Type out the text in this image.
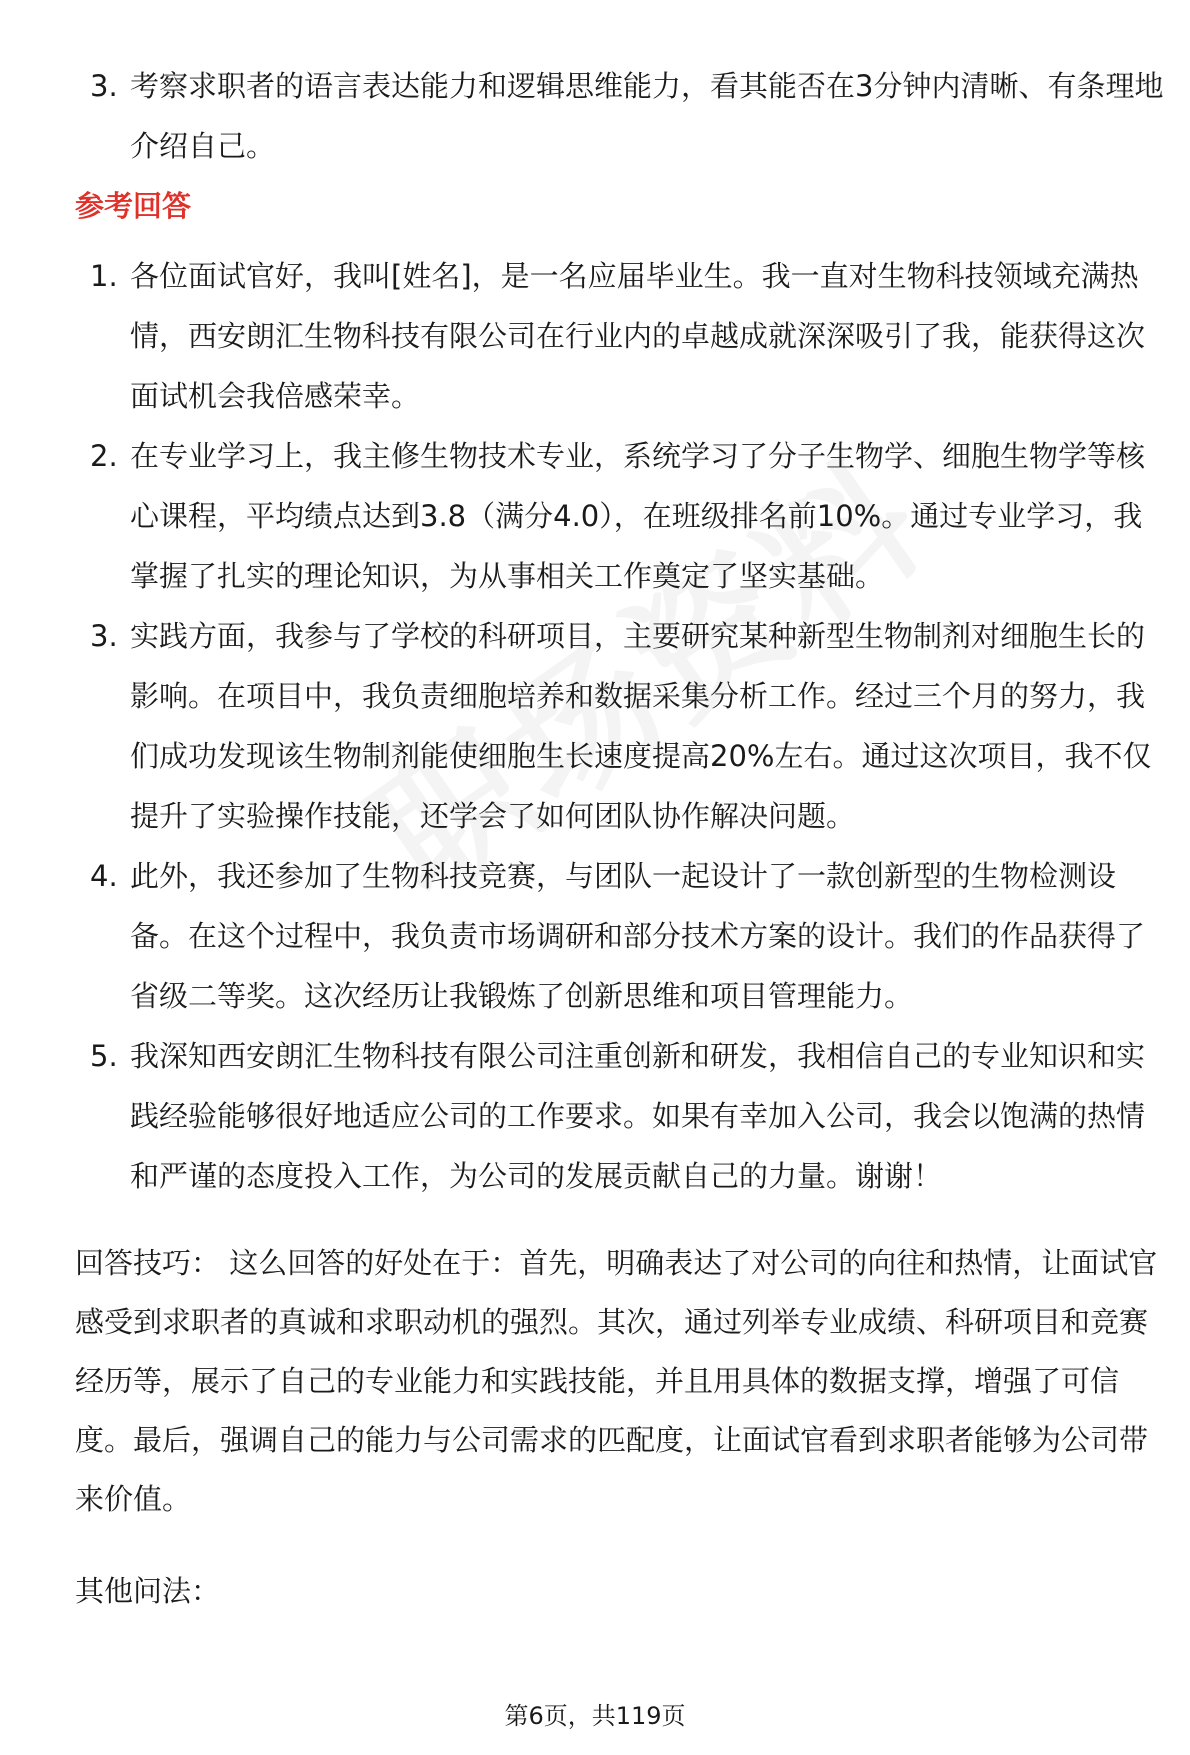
3. 考察求职者的语言表达能力和逻辑思维能力，看其能否在3分钟内清晰、有条理地介绍自己。
参考回答
1. 各位面试官好，我叫[姓名]，是一名应届毕业生。我一直对生物科技领域充满热情，西安朗汇生物科技有限公司在行业内的卓越成就深深吸引了我，能获得这次面试机会我倍感荣幸。
2. 在专业学习上，我主修生物技术专业，系统学习了分子生物学、细胞生物学等核心课程，平均绩点达到3.8（满分4.0），在班级排名前10%。通过专业学习，我掌握了扎实的理论知识，为从事相关工作奠定了坚实基础。
3. 实践方面，我参与了学校的科研项目，主要研究某种新型生物制剂对细胞生长的影响。在项目中，我负责细胞培养和数据采集分析工作。经过三个月的努力，我们成功发现该生物制剂能使细胞生长速度提高20%左右。通过这次项目，我不仅提升了实验操作技能，还学会了如何团队协作解决问题。
4. 此外，我还参加了生物科技竞赛，与团队一起设计了一款创新型的生物检测设备。在这个过程中，我负责市场调研和部分技术方案的设计。我们的作品获得了省级二等奖。这次经历让我锻炼了创新思维和项目管理能力。
5. 我深知西安朗汇生物科技有限公司注重创新和研发，我相信自己的专业知识和实践经验能够很好地适应公司的工作要求。如果有幸加入公司，我会以饱满的热情和严谨的态度投入工作，为公司的发展贡献自己的力量。谢谢！

回答技巧： 这么回答的好处在于：首先，明确表达了对公司的向往和热情，让面试官感受到求职者的真诚和求职动机的强烈。其次，通过列举专业成绩、科研项目和竞赛经历等，展示了自己的专业能力和实践技能，并且用具体的数据支撑，增强了可信度。最后，强调自己的能力与公司需求的匹配度，让面试官看到求职者能够为公司带来价值。

其他问法：

第6页，共119页
